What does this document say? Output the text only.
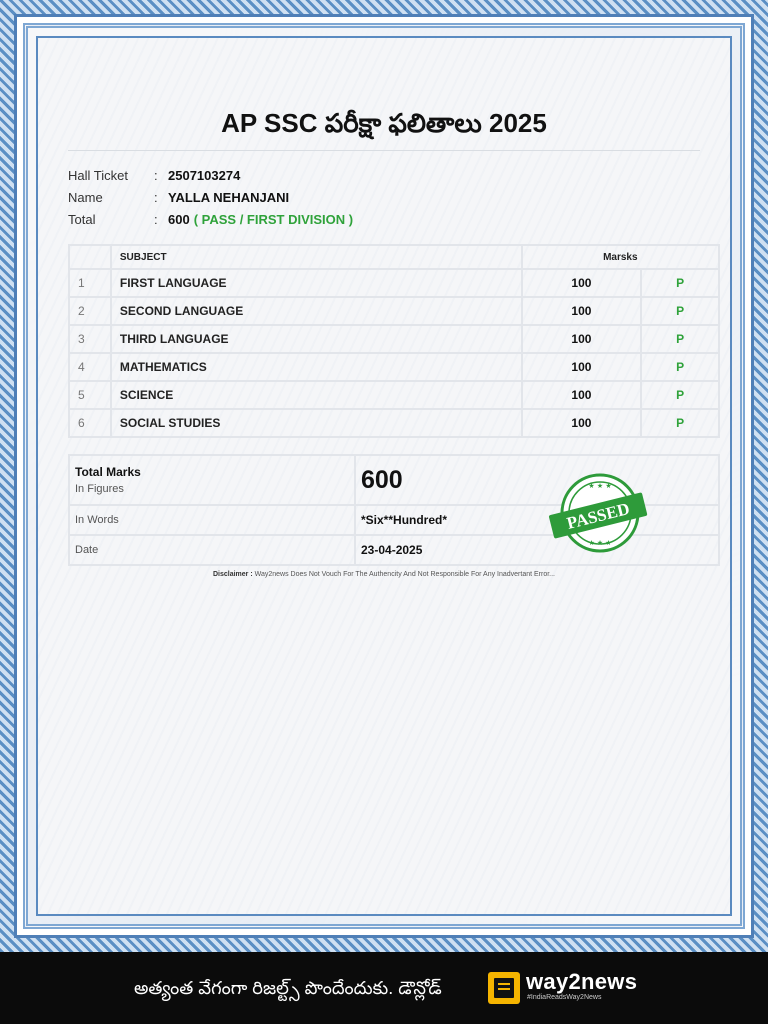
AP SSC పరీక్షా ఫలితాలు 2025
Hall Ticket	: 2507103274
Name	: YALLA NEHANJANI
Total	: 600 ( PASS / FIRST DIVISION )
	SUBJECT	Marsks	
1	FIRST LANGUAGE	100	P
2	SECOND LANGUAGE	100	P
3	THIRD LANGUAGE	100	P
4	MATHEMATICS	100	P
5	SCIENCE	100	P
6	SOCIAL STUDIES	100	P
Total Marks
In Figures	600
In Words	*Six**Hundred*
Date	23-04-2025
★ ★ ★
★ ★ ★
PASSED
Disclaimer : Way2news Does Not Vouch For The Authencity And Not Responsible For Any Inadvertant Error...
అత్యంత వేగంగా రిజల్ట్స్ పొందేందుకు. డౌన్లోడ్	way2news
#IndiaReadsWay2News
